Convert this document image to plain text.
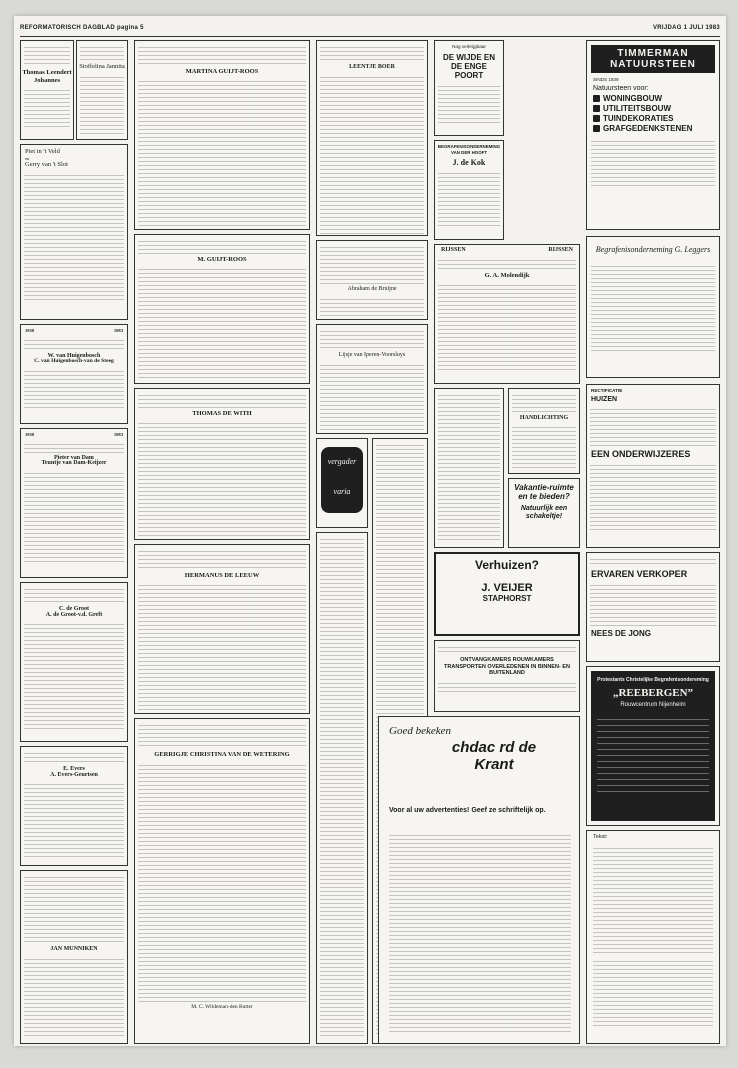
REFORMATORISCH DAGBLAD pagina 5	VRIJDAG 1 JULI 1983
Thomas Leendert
Johannes
Stoffelina Jannita
Piet in 't Veld
en
Gerry van 't Slot
1958	1983
W. van Huigenbosch
C. van Huigenbosch-van de Steeg
1958	1983
Pieter van Dam
Teuntje van Dam-Keijzer
C. de Groot
A. de Groot-v.d. Greft
E. Evers
A. Evers-Geurtsen
JAN MUNNIKEN
MARTINA GUIJT-ROOS
M. GUIJT-ROOS
THOMAS DE WITH
HERMANUS DE LEEUW
GERRIGJE CHRISTINA VAN DE WETERING
M. C. Wildeman-den Butter
LEENTJE BOER
Abraham de Bruijne
Lijsje van Iperen-Voorsluys
vergader varia
Nog verkrijgbaar
DE WIJDE EN DE ENGE POORT
BEGRAFENISONDERNEMING VAN DER HOOFT
J. de Kok
RIJSSEN	RIJSSEN
G. A. Molendijk
HANDLICHTING
Vakantie-ruimte en te bieden?
Natuurlijk een schakeltje!
Verhuizen?
J. VEIJER
STAPHORST
ONTVANGKAMERS ROUWKAMERS TRANSPORTEN OVERLEDENEN IN BINNEN- EN BUITENLAND
Goed bekeken
chdac rd de Krant
Voor al uw advertenties! Geef ze schriftelijk op.
TIMMERMAN NATUURSTEEN
SINDS 1939
Natuursteen voor:
WONINGBOUW
UTILITEITSBOUW
TUINDEKORATIES
GRAFGEDENKSTENEN
Begrafenisonderneming G. Leggers
RECTIFICATIE
HUIZEN
EEN ONDERWIJZERES
ERVAREN VERKOPER
NEES DE JONG
Protestants Christelijke Begrafenisondereming
„REEBERGEN”
Rouwcentrum Nijenheim
Tekst:
